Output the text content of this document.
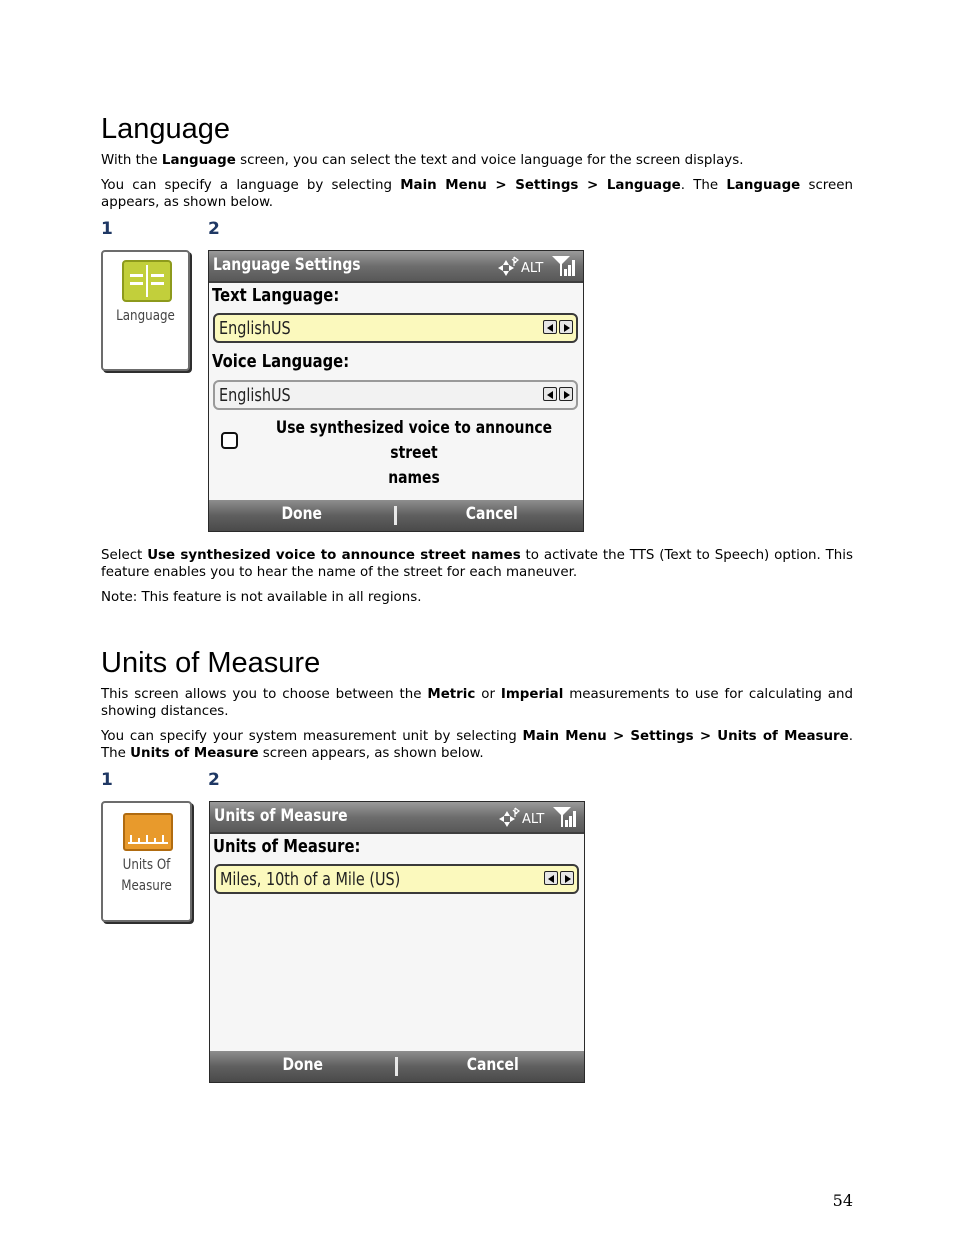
Language

With the Language screen, you can select the text and voice language for the screen displays.

You can specify a language by selecting Main Menu > Settings > Language. The Language screen appears, as shown below.

1	2
Language
Language Settings	ALT
Text Language:
EnglishUS
Voice Language:
EnglishUS
Use synthesized voice to announce street
names
Done	Cancel

Select Use synthesized voice to announce street names to activate the TTS (Text to Speech) option. This feature enables you to hear the name of the street for each maneuver.

Note: This feature is not available in all regions.

Units of Measure

This screen allows you to choose between the Metric or Imperial measurements to use for calculating and showing distances.

You can specify your system measurement unit by selecting Main Menu > Settings > Units of Measure. The Units of Measure screen appears, as shown below.

1	2
Units Of
Measure
Units of Measure	ALT
Units of Measure:
Miles, 10th of a Mile (US)
Done	Cancel
54
